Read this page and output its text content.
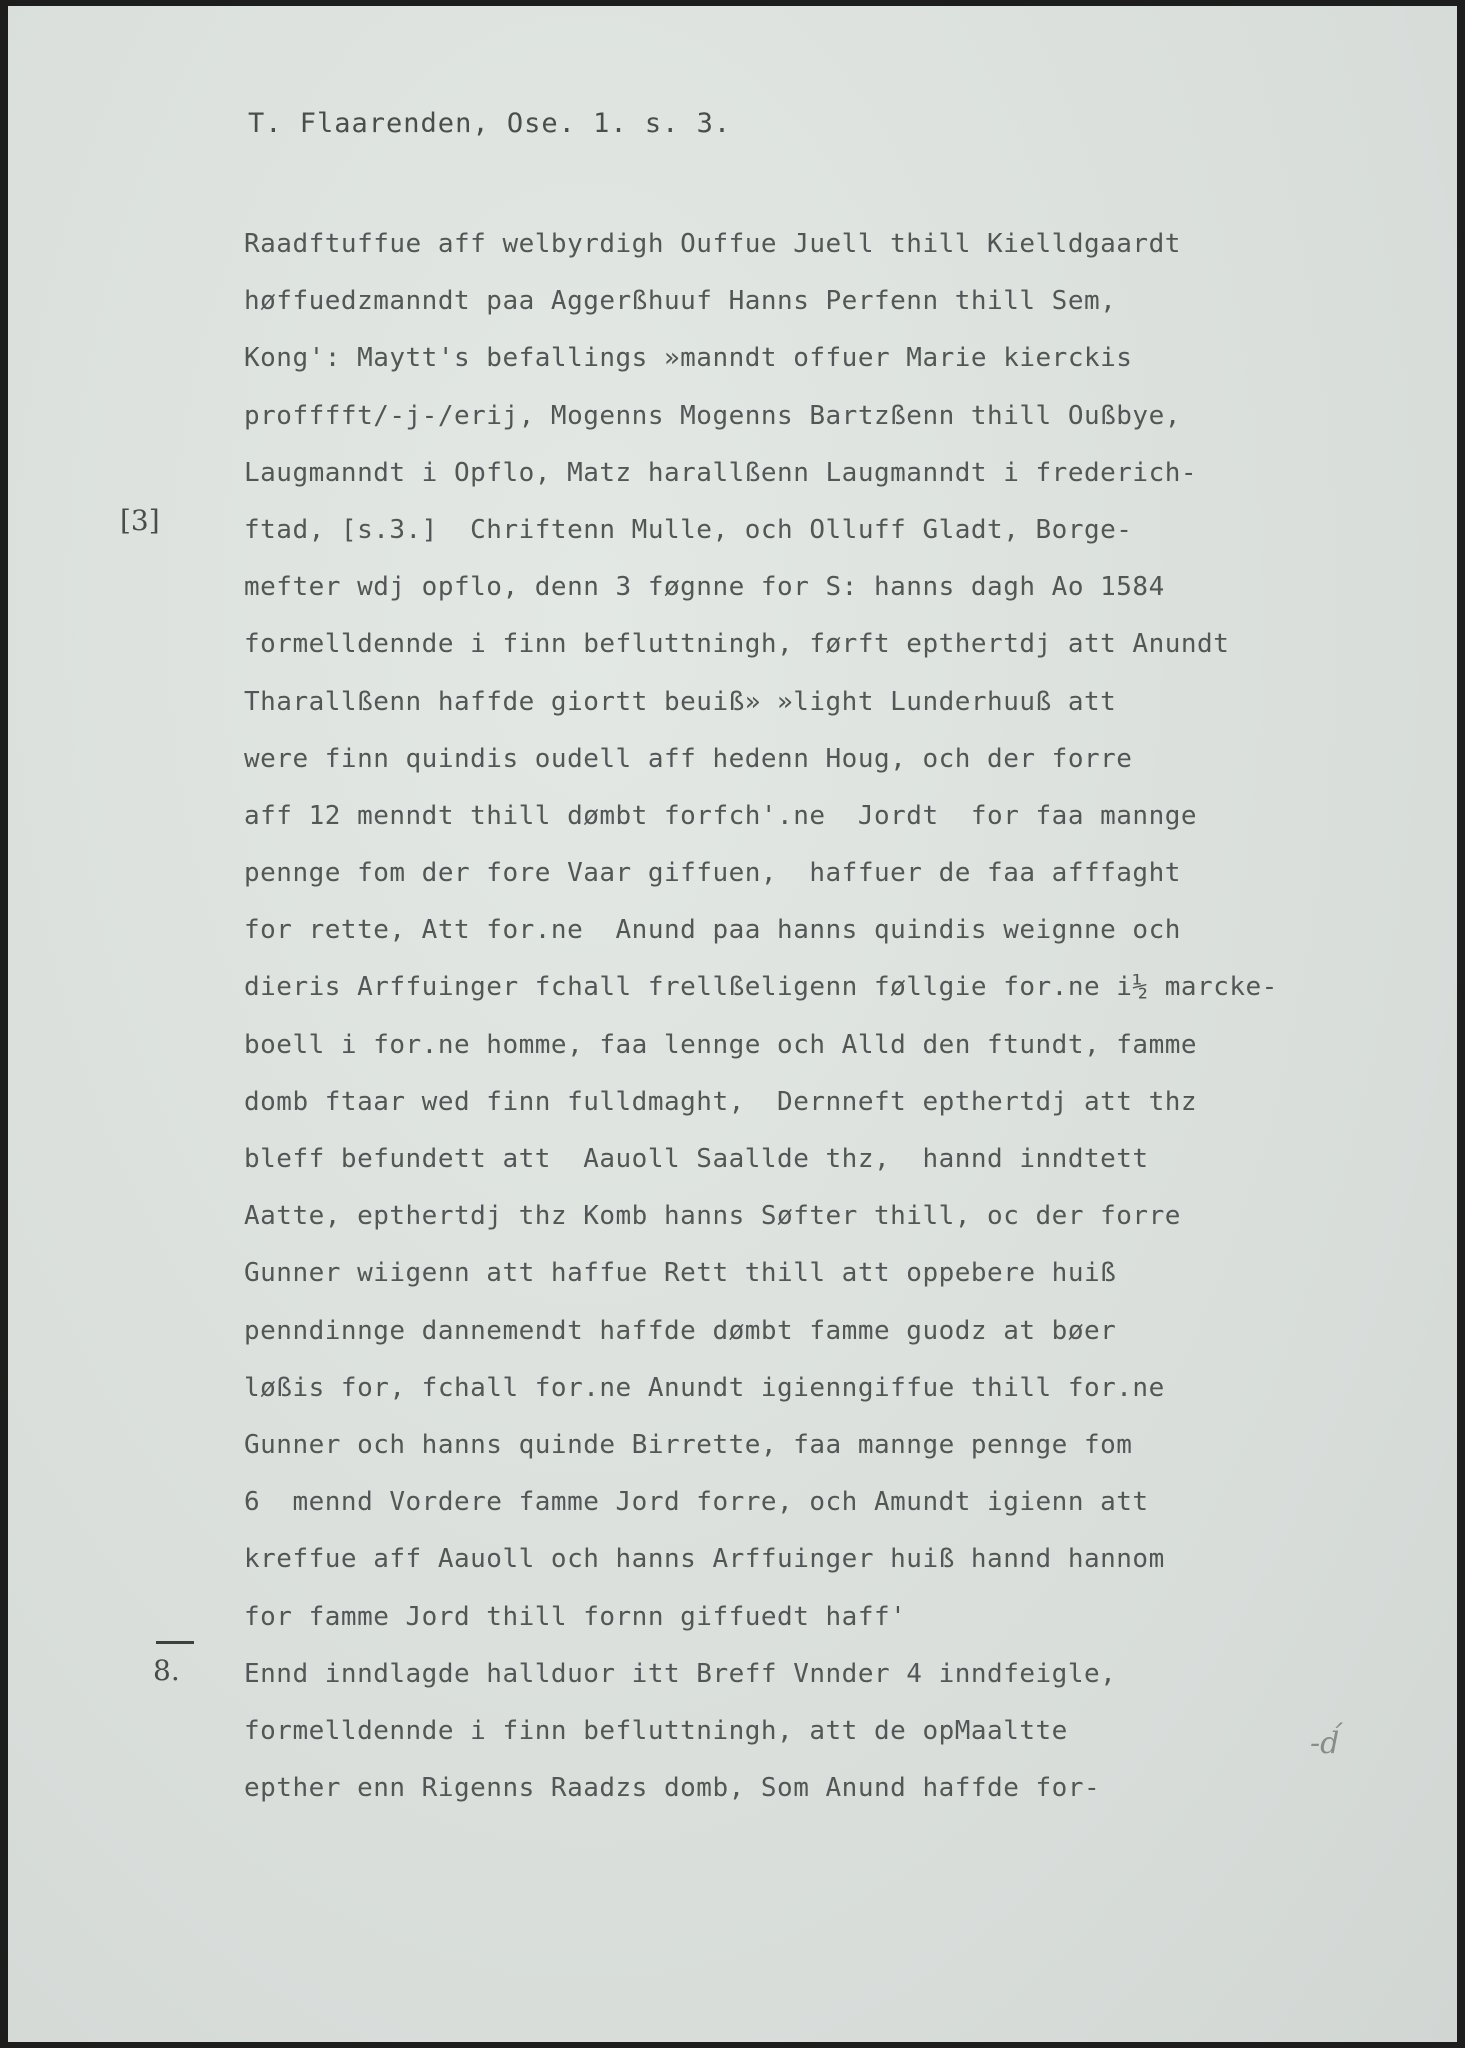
T. Flaarenden, Ose. 1. s. 3.
[3]
8.
-d́
Raadftuffue aff welbyrdigh Ouffue Juell thill Kielldgaardt
høffuedzmanndt paa Aggerßhuuf Hanns Perfenn thill Sem,
Kong': Maytt's befallings »manndt offuer Marie kierckis
profffft/-j-/erij, Mogenns Mogenns Bartzßenn thill Oußbye,
Laugmanndt i Opflo, Matz harallßenn Laugmanndt i frederich-
ftad, [s.3.]  Chriftenn Mulle, och Olluff Gladt, Borge-
mefter wdj opflo, denn 3 føgnne for S: hanns dagh Ao 1584
formelldennde i finn befluttningh, førft epthertdj att Anundt
Tharallßenn haffde giortt beuiß» »light Lunderhuuß att
were finn quindis oudell aff hedenn Houg, och der forre
aff 12 menndt thill dømbt forfch'.ne  Jordt  for faa mannge
pennge fom der fore Vaar giffuen,  haffuer de faa afffaght
for rette, Att for.ne  Anund paa hanns quindis weignne och
dieris Arffuinger fchall frellßeligenn føllgie for.ne i½ marcke-
boell i for.ne homme, faa lennge och Alld den ftundt, famme
domb ftaar wed finn fulldmaght,  Dernneft epthertdj att thz
bleff befundett att  Aauoll Saallde thz,  hannd inndtett
Aatte, epthertdj thz Komb hanns Søfter thill, oc der forre
Gunner wiigenn att haffue Rett thill att oppebere huiß
penndinnge dannemendt haffde dømbt famme guodz at bøer
løßis for, fchall for.ne Anundt igienngiffue thill for.ne
Gunner och hanns quinde Birrette, faa mannge pennge fom
6  mennd Vordere famme Jord forre, och Amundt igienn att
kreffue aff Aauoll och hanns Arffuinger huiß hannd hannom
for famme Jord thill fornn giffuedt haff'
Ennd inndlagde hallduor itt Breff Vnnder 4 inndfeigle,
formelldennde i finn befluttningh, att de opMaaltte
epther enn Rigenns Raadzs domb, Som Anund haffde for-
